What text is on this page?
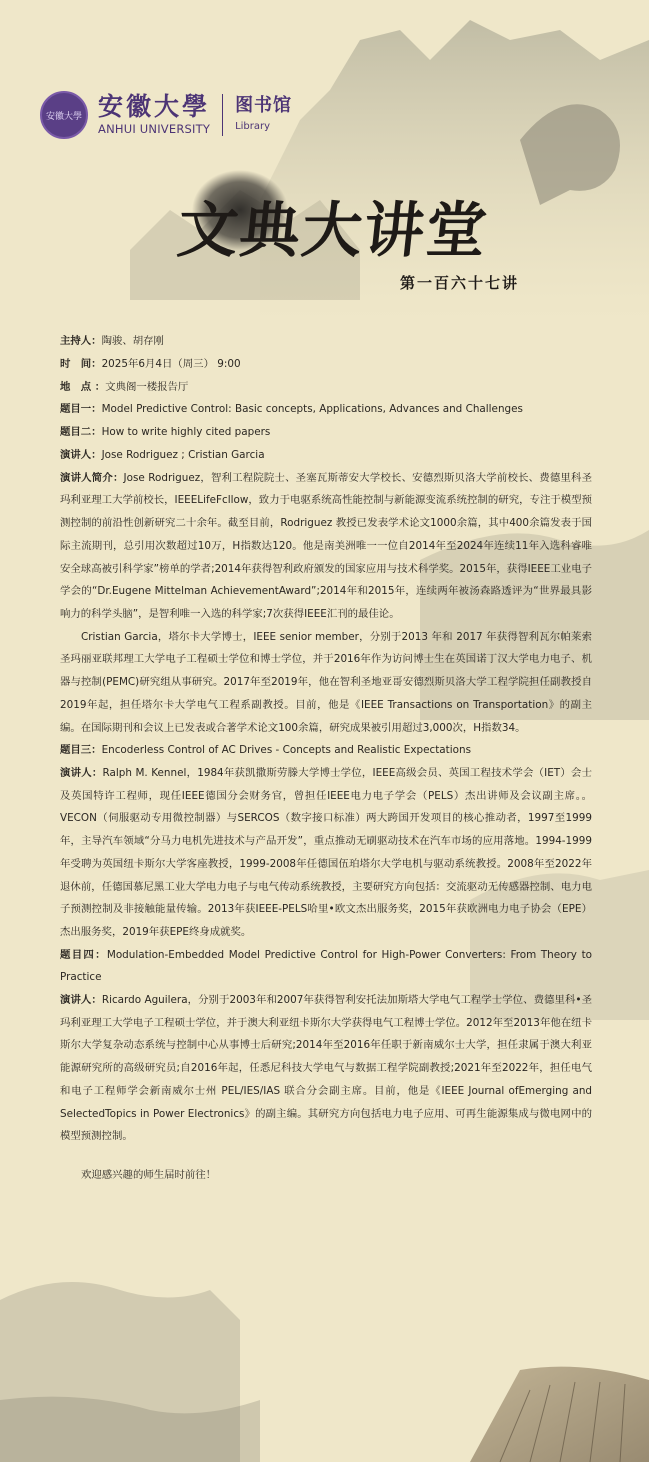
安徽大學 安徽大學
ANHUI UNIVERSITY
图书馆
Library
文典大讲堂
第一百六十七讲

主持人：陶骏、胡存刚

时　间：2025年6月4日（周三） 9:00

地　点 ：文典阁一楼报告厅

题目一：Model Predictive Control: Basic concepts, Applications, Advances and Challenges

题目二：How to write highly cited papers

演讲人：Jose Rodriguez ; Cristian Garcia

演讲人简介：Jose Rodriguez，智利工程院院士、圣塞瓦斯蒂安大学校长、安德烈斯贝洛大学前校长、费德里科圣玛利亚理工大学前校长，IEEELifeFcllow，致力于电驱系统高性能控制与新能源变流系统控制的研究，专注于模型预测控制的前沿性创新研究二十余年。截至目前，Rodriguez 教授已发表学术论文1000余篇，其中400余篇发表于国际主流期刊，总引用次数超过10万，H指数达120。他是南美洲唯一一位自2014年至2024年连续11年入选科睿唯安全球高被引科学家”榜单的学者;2014年获得智利政府颁发的国家应用与技术科学奖。2015年，获得IEEE工业电子学会的“Dr.Eugene Mittelman AchievementAward”;2014年和2015年，连续两年被汤森路透评为“世界最具影响力的科学头脑”，是智利唯一入选的科学家;7次获得IEEE汇刊的最佳论。

Cristian Garcia，塔尔卡大学博士，IEEE senior member，分别于2013 年和 2017 年获得智利瓦尔帕莱索圣玛丽亚联邦理工大学电子工程硕士学位和博士学位，并于2016年作为访问博士生在英国诺丁汉大学电力电子、机器与控制(PEMC)研究组从事研究。2017年至2019年，他在智利圣地亚哥安德烈斯贝洛大学工程学院担任副教授自2019年起，担任塔尔卡大学电气工程系副教授。目前，他是《IEEE Transactions on Transportation》的副主编。在国际期刊和会议上已发表或合著学术论文100余篇，研究成果被引用超过3,000次，H指数34。

题目三：Encoderless Control of AC Drives - Concepts and Realistic Expectations

演讲人：Ralph M. Kennel，1984年获凯撒斯劳滕大学博士学位，IEEE高级会员、英国工程技术学会（IET）会士及英国特许工程师，现任IEEE德国分会财务官，曾担任IEEE电力电子学会（PELS）杰出讲师及会议副主席。。VECON（伺服驱动专用微控制器）与SERCOS（数字接口标准）两大跨国开发项目的核心推动者，1997至1999年，主导汽车领域“分马力电机先进技术与产品开发”，重点推动无刷驱动技术在汽车市场的应用落地。1994-1999年受聘为英国纽卡斯尔大学客座教授，1999-2008年任德国伍珀塔尔大学电机与驱动系统教授。2008年至2022年退休前，任德国慕尼黑工业大学电力电子与电气传动系统教授，主要研究方向包括：交流驱动无传感器控制、电力电子预测控制及非接触能量传输。2013年获IEEE-PELS哈里•欧文杰出服务奖，2015年获欧洲电力电子协会（EPE）杰出服务奖，2019年获EPE终身成就奖。

题目四：Modulation-Embedded Model Predictive Control for High-Power Converters: From Theory to Practice

演讲人：Ricardo Aguilera，分别于2003年和2007年获得智利安托法加斯塔大学电气工程学士学位、费德里科•圣玛利亚理工大学电子工程硕士学位，并于澳大利亚纽卡斯尔大学获得电气工程博士学位。2012年至2013年他在纽卡斯尔大学复杂动态系统与控制中心从事博士后研究;2014年至2016年任职于新南威尔士大学，担任隶属于澳大利亚能源研究所的高级研究员;自2016年起，任悉尼科技大学电气与数据工程学院副教授;2021年至2022年，担任电气和电子工程师学会新南威尔士州 PEL/IES/IAS 联合分会副主席。目前，他是《IEEE Journal ofEmerging and SelectedTopics in Power Electronics》的副主编。其研究方向包括电力电子应用、可再生能源集成与微电网中的模型预测控制。

欢迎感兴趣的师生届时前往！
